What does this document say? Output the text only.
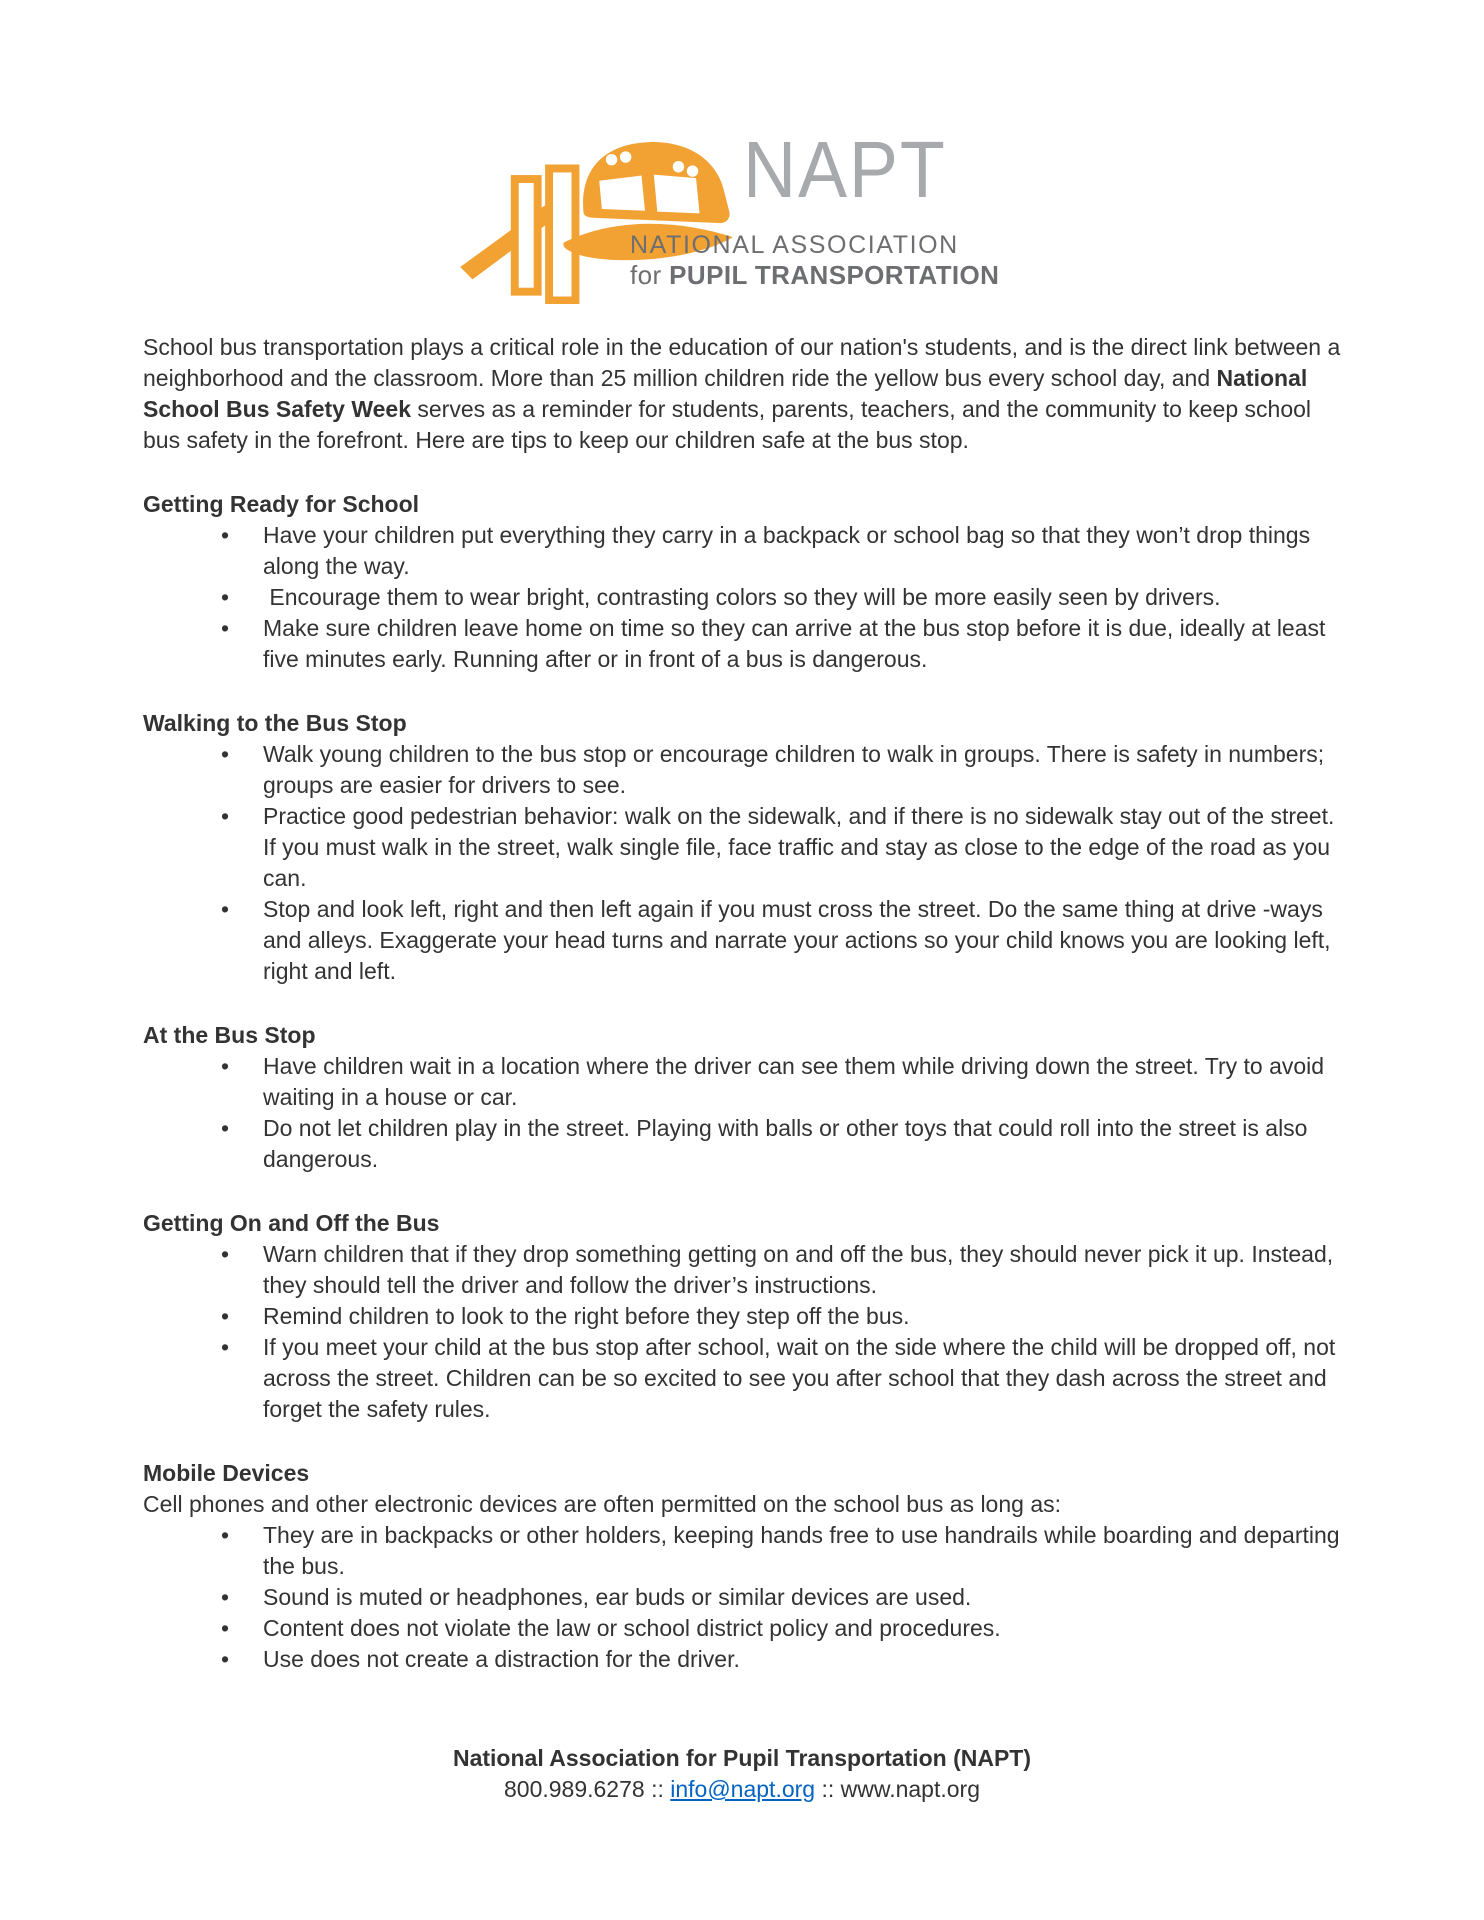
NAPT
NATIONAL ASSOCIATION
for PUPIL TRANSPORTATION

School bus transportation plays a critical role in the education of our nation's students, and is the direct link between a neighborhood and the classroom. More than 25 million children ride the yellow bus every school day, and National School Bus Safety Week serves as a reminder for students, parents, teachers, and the community to keep school bus safety in the forefront. Here are tips to keep our children safe at the bus stop.

Getting Ready for School
• Have your children put everything they carry in a backpack or school bag so that they won’t drop things along the way.
•  Encourage them to wear bright, contrasting colors so they will be more easily seen by drivers.
• Make sure children leave home on time so they can arrive at the bus stop before it is due, ideally at least five minutes early. Running after or in front of a bus is dangerous.
Walking to the Bus Stop
• Walk young children to the bus stop or encourage children to walk in groups. There is safety in numbers; groups are easier for drivers to see.
• Practice good pedestrian behavior: walk on the sidewalk, and if there is no sidewalk stay out of the street. If you must walk in the street, walk single file, face traffic and stay as close to the edge of the road as you can.
• Stop and look left, right and then left again if you must cross the street. Do the same thing at drive -ways and alleys. Exaggerate your head turns and narrate your actions so your child knows you are looking left, right and left.
At the Bus Stop
• Have children wait in a location where the driver can see them while driving down the street. Try to avoid waiting in a house or car.
• Do not let children play in the street. Playing with balls or other toys that could roll into the street is also dangerous.
Getting On and Off the Bus
• Warn children that if they drop something getting on and off the bus, they should never pick it up. Instead, they should tell the driver and follow the driver’s instructions.
• Remind children to look to the right before they step off the bus.
• If you meet your child at the bus stop after school, wait on the side where the child will be dropped off, not across the street. Children can be so excited to see you after school that they dash across the street and forget the safety rules.
Mobile Devices

Cell phones and other electronic devices are often permitted on the school bus as long as:

• They are in backpacks or other holders, keeping hands free to use handrails while boarding and departing the bus.
• Sound is muted or headphones, ear buds or similar devices are used.
• Content does not violate the law or school district policy and procedures.
• Use does not create a distraction for the driver.
National Association for Pupil Transportation (NAPT)
800.989.6278 :: info@napt.org :: www.napt.org
